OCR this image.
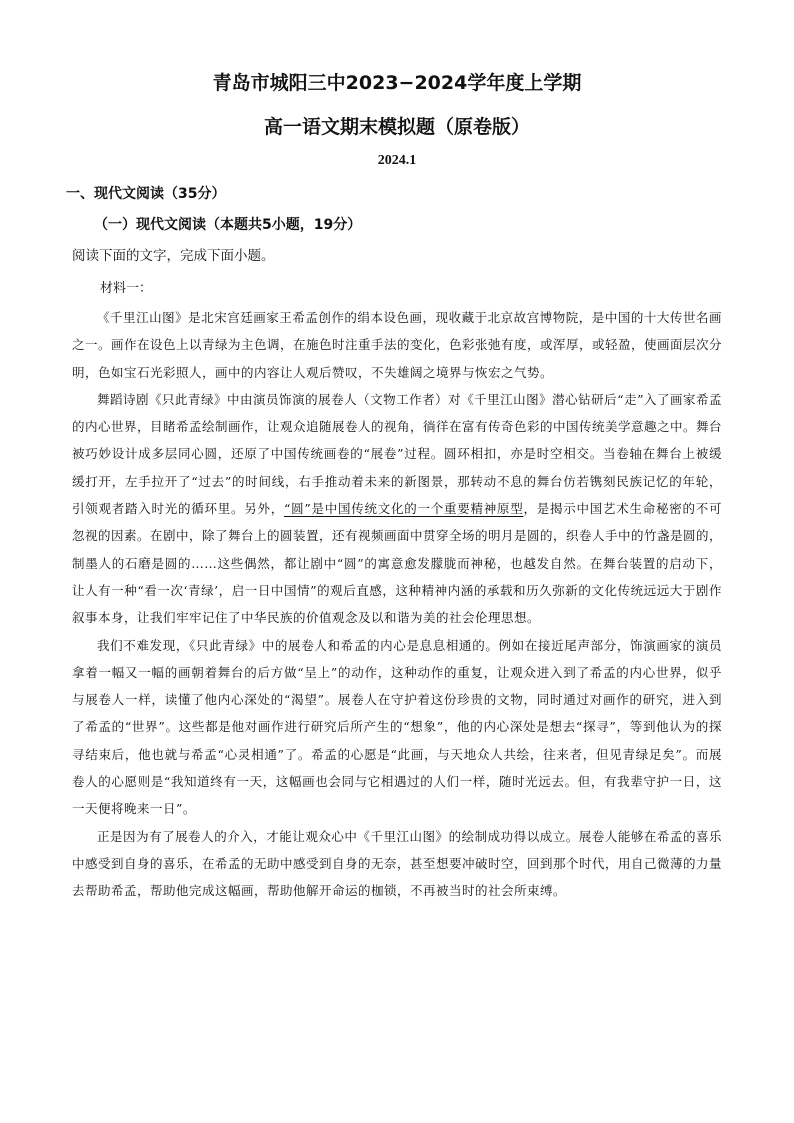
青岛市城阳三中2023−2024学年度上学期
高一语文期末模拟题（原卷版）
2024.1
一、现代文阅读（35分）
（一）现代文阅读（本题共5小题，19分）
阅读下面的文字，完成下面小题。
材料一：

《千里江山图》是北宋宫廷画家王希孟创作的绢本设色画，现收藏于北京故宫博物院，是中国的十大传世名画之一。画作在设色上以青绿为主色调，在施色时注重手法的变化，色彩张弛有度，或浑厚，或轻盈，使画面层次分明，色如宝石光彩照人，画中的内容让人观后赞叹，不失雄阔之境界与恢宏之气势。

舞蹈诗剧《只此青绿》中由演员饰演的展卷人（文物工作者）对《千里江山图》潜心钻研后“走”入了画家希孟的内心世界，目睹希孟绘制画作，让观众追随展卷人的视角，徜徉在富有传奇色彩的中国传统美学意趣之中。舞台被巧妙设计成多层同心圆，还原了中国传统画卷的“展卷”过程。圆环相扣，亦是时空相交。当卷轴在舞台上被缓缓打开，左手拉开了“过去”的时间线，右手推动着未来的新图景，那转动不息的舞台仿若镌刻民族记忆的年轮，引领观者踏入时光的循环里。另外，“圆”是中国传统文化的一个重要精神原型，是揭示中国艺术生命秘密的不可忽视的因素。在剧中，除了舞台上的圆装置，还有视频画面中贯穿全场的明月是圆的，织卷人手中的竹盏是圆的，制墨人的石磨是圆的……这些偶然，都让剧中“圆”的寓意愈发朦胧而神秘，也越发自然。在舞台装置的启动下，让人有一种“看一次‘青绿’，启一日中国情”的观后直感，这种精神内涵的承载和历久弥新的文化传统远远大于剧作叙事本身，让我们牢牢记住了中华民族的价值观念及以和谐为美的社会伦理思想。

我们不难发现，《只此青绿》中的展卷人和希孟的内心是息息相通的。例如在接近尾声部分，饰演画家的演员拿着一幅又一幅的画朝着舞台的后方做“呈上”的动作，这种动作的重复，让观众进入到了希孟的内心世界，似乎与展卷人一样，读懂了他内心深处的“渴望”。展卷人在守护着这份珍贵的文物，同时通过对画作的研究，进入到了希孟的“世界”。这些都是他对画作进行研究后所产生的“想象”，他的内心深处是想去“探寻”，等到他认为的探寻结束后，他也就与希孟“心灵相通”了。希孟的心愿是“此画，与天地众人共绘，往来者，但见青绿足矣”。而展卷人的心愿则是“我知道终有一天，这幅画也会同与它相遇过的人们一样，随时光远去。但，有我辈守护一日，这一天便将晚来一日”。

正是因为有了展卷人的介入，才能让观众心中《千里江山图》的绘制成功得以成立。展卷人能够在希孟的喜乐中感受到自身的喜乐，在希孟的无助中感受到自身的无奈，甚至想要冲破时空，回到那个时代，用自己微薄的力量去帮助希孟，帮助他完成这幅画，帮助他解开命运的枷锁，不再被当时的社会所束缚。
